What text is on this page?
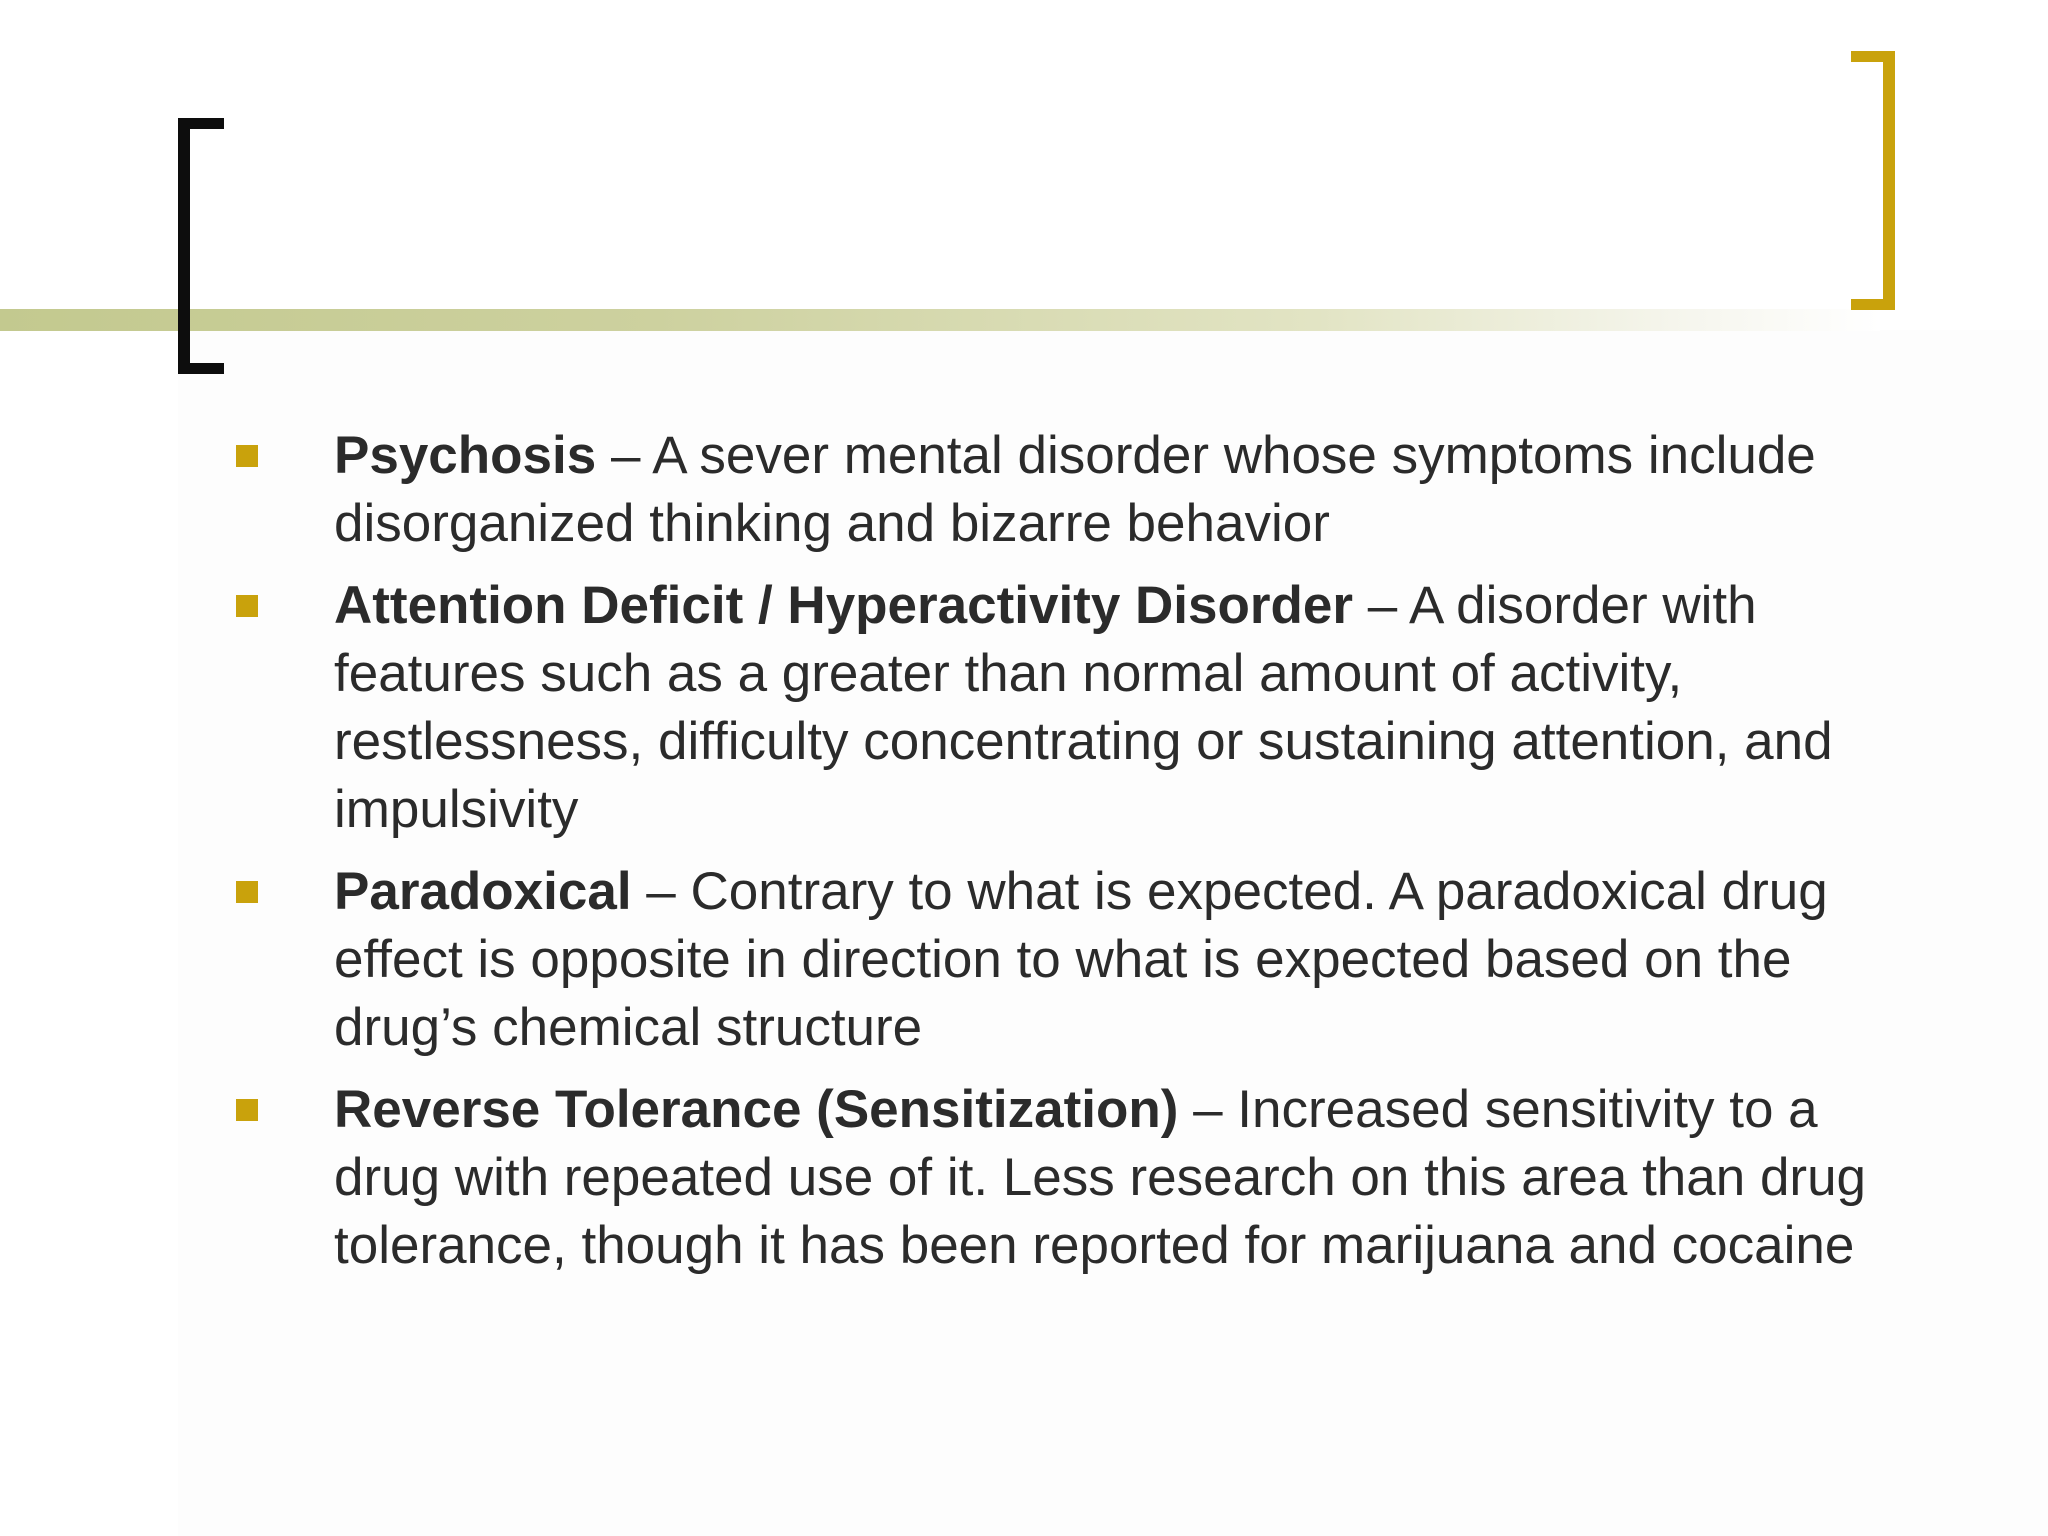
Psychosis – A sever mental disorder whose symptoms include disorganized thinking and bizarre behavior
Attention Deficit / Hyperactivity Disorder – A disorder with features such as a greater than normal amount of activity, restlessness, difficulty concentrating or sustaining attention, and impulsivity
Paradoxical – Contrary to what is expected. A paradoxical drug effect is opposite in direction to what is expected based on the drug’s chemical structure
Reverse Tolerance (Sensitization) – Increased sensitivity to a drug with repeated use of it. Less research on this area than drug tolerance, though it has been reported for marijuana and cocaine
